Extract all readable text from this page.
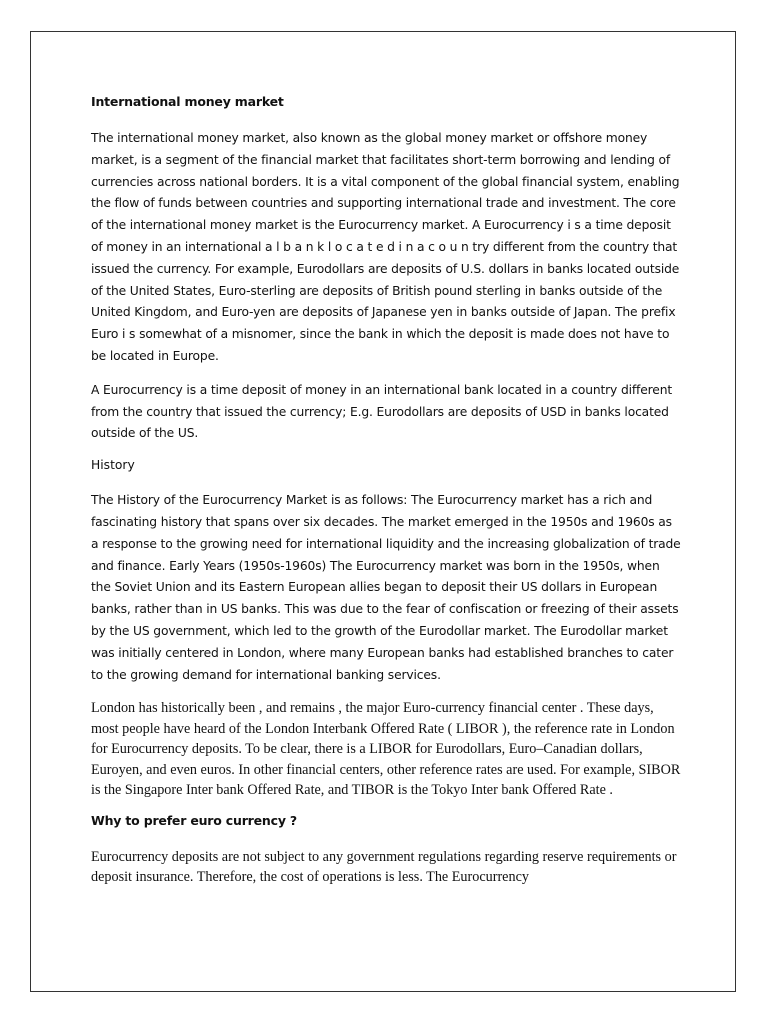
International money market

The international money market, also known as the global money market or offshore money market, is a segment of the financial market that facilitates short-term borrowing and lending of currencies across national borders. It is a vital component of the global financial system, enabling the flow of funds between countries and supporting international trade and investment. The core of the international money market is the Eurocurrency market. A Eurocurrency i s a time deposit of money in an international a l b a n k l o c a t e d i n a c o u n try different from the country that issued the currency. For example, Eurodollars are deposits of U.S. dollars in banks located outside of the United States, Euro-sterling are deposits of British pound sterling in banks outside of the United Kingdom, and Euro-yen are deposits of Japanese yen in banks outside of Japan. The prefix Euro i s somewhat of a misnomer, since the bank in which the deposit is made does not have to be located in Europe.

A Eurocurrency is a time deposit of money in an international bank located in a country different from the country that issued the currency; E.g. Eurodollars are deposits of USD in banks located outside of the US.

History

The History of the Eurocurrency Market is as follows: The Eurocurrency market has a rich and fascinating history that spans over six decades. The market emerged in the 1950s and 1960s as a response to the growing need for international liquidity and the increasing globalization of trade and finance. Early Years (1950s-1960s) The Eurocurrency market was born in the 1950s, when the Soviet Union and its Eastern European allies began to deposit their US dollars in European banks, rather than in US banks. This was due to the fear of confiscation or freezing of their assets by the US government, which led to the growth of the Eurodollar market. The Eurodollar market was initially centered in London, where many European banks had established branches to cater to the growing demand for international banking services.

London has historically been , and remains , the major Euro-currency financial center . These days, most people have heard of the London Interbank Offered Rate ( LIBOR ), the reference rate in London for Eurocurrency deposits. To be clear, there is a LIBOR for Eurodollars, Euro–Canadian dollars, Euroyen, and even euros. In other financial centers, other reference rates are used. For example, SIBOR is the Singapore Inter bank Offered Rate, and TIBOR is the Tokyo Inter bank Offered Rate .

Why to prefer euro currency ?

Eurocurrency deposits are not subject to any government regulations regarding reserve requirements or deposit insurance. Therefore, the cost of operations is less. The Eurocurrency
